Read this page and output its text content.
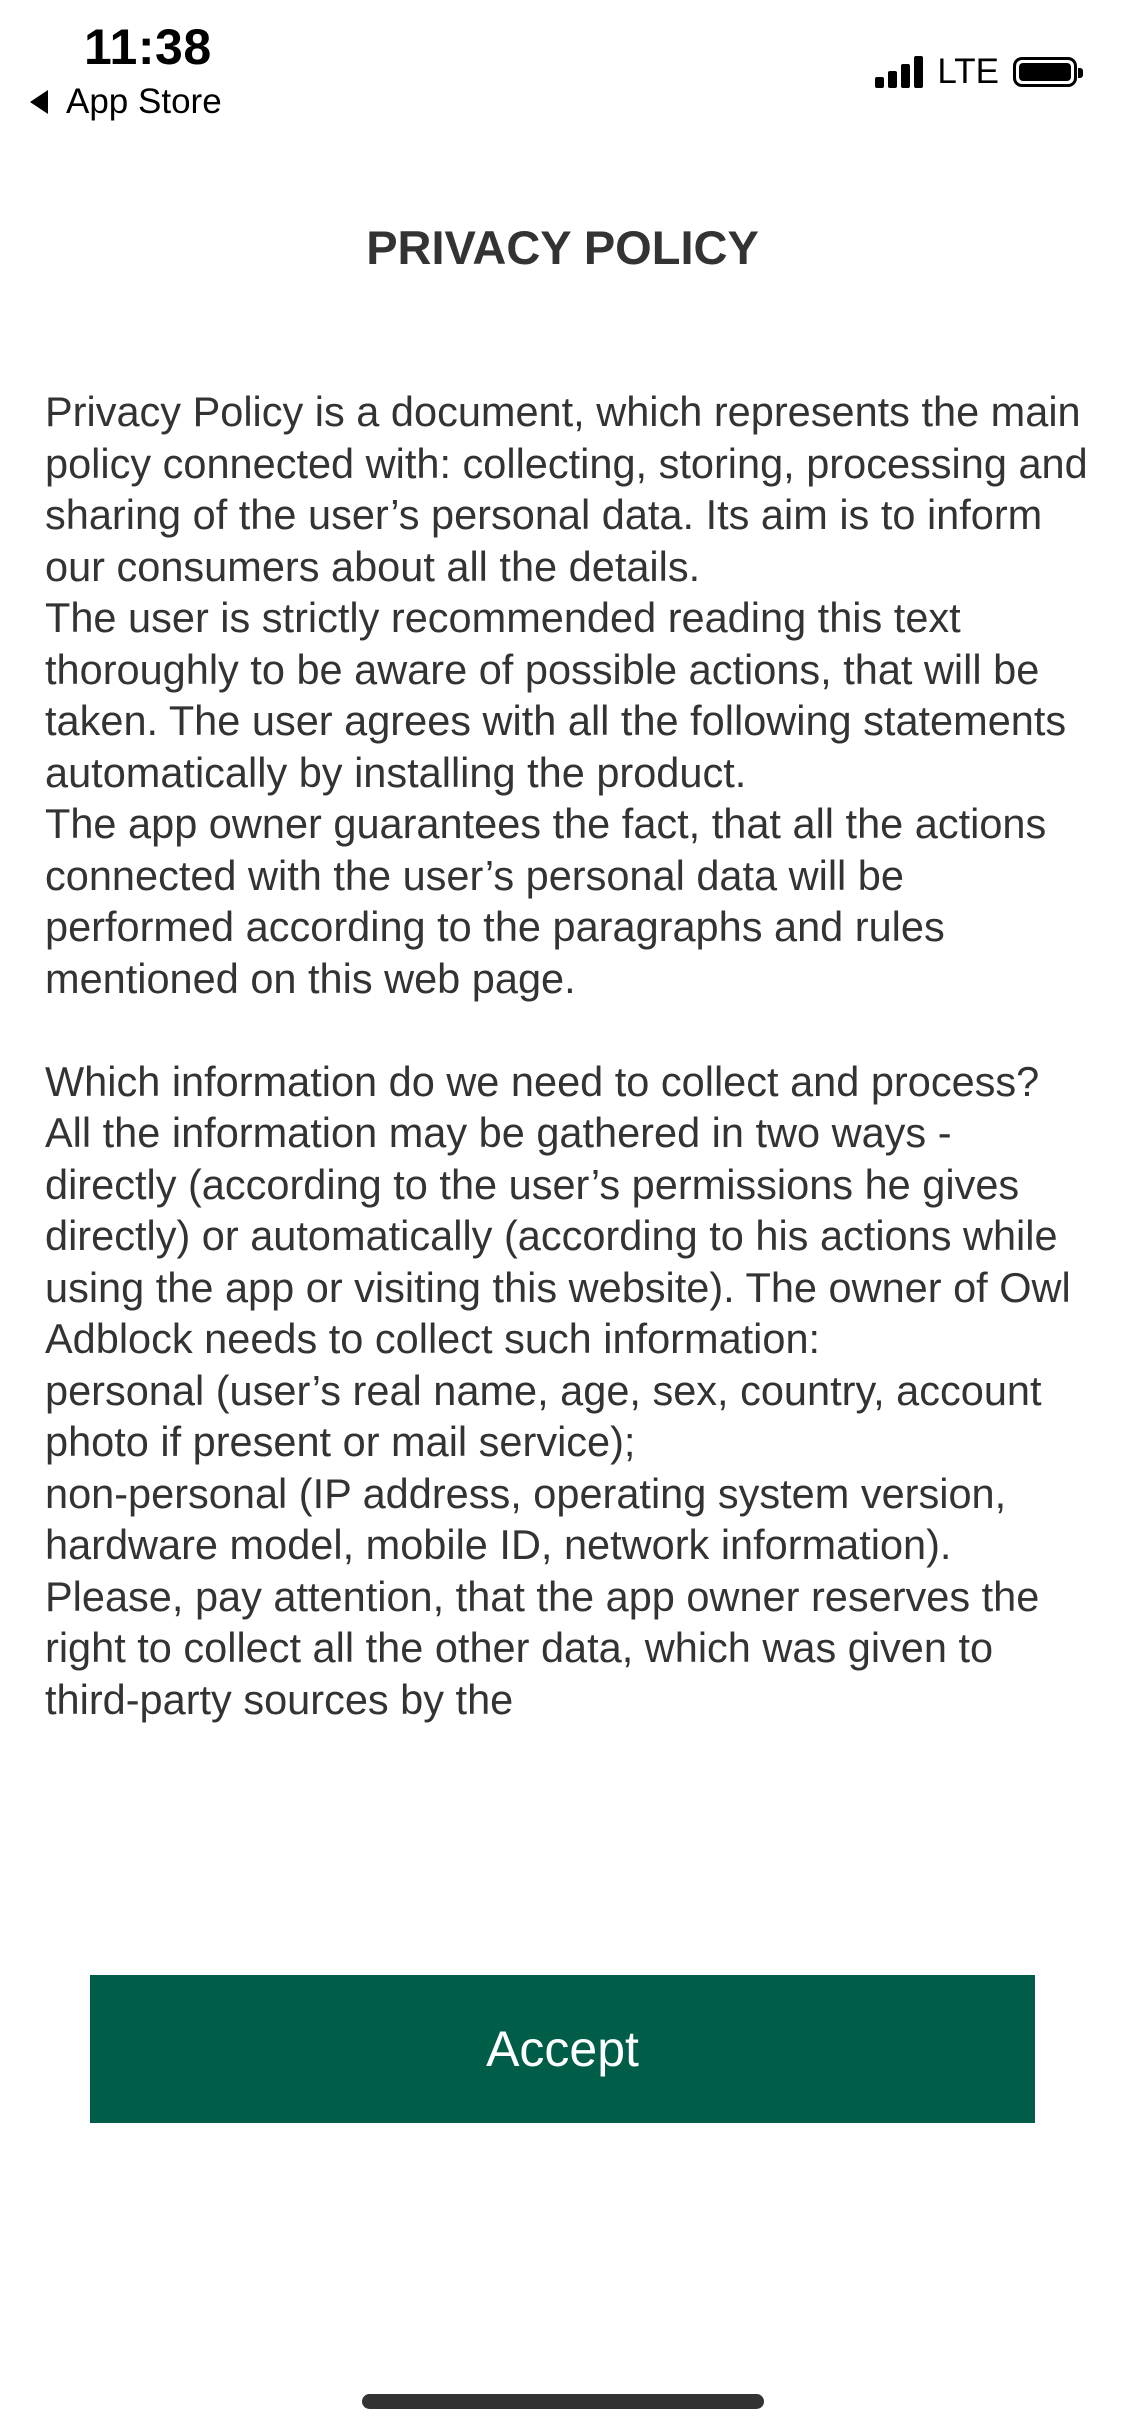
11:38
App Store
LTE
PRIVACY POLICY

Privacy Policy is a document, which represents the main policy connected with: collecting, storing, processing and sharing of the user’s personal data. Its aim is to inform our consumers about all the details.

The user is strictly recommended reading this text thoroughly to be aware of possible actions, that will be taken. The user agrees with all the following statements automatically by installing the product.

The app owner guarantees the fact, that all the actions connected with the user’s personal data will be performed according to the paragraphs and rules mentioned on this web page.

Which information do we need to collect and process?

All the information may be gathered in two ways - directly (according to the user’s permissions he gives directly) or automatically (according to his actions while using the app or visiting this website). The owner of Owl Adblock needs to collect such information:

personal (user’s real name, age, sex, country, account photo if present or mail service);

non-personal (IP address, operating system version, hardware model, mobile ID, network information).

Please, pay attention, that the app owner reserves the right to collect all the other data, which was given to third-party sources by the

Accept
